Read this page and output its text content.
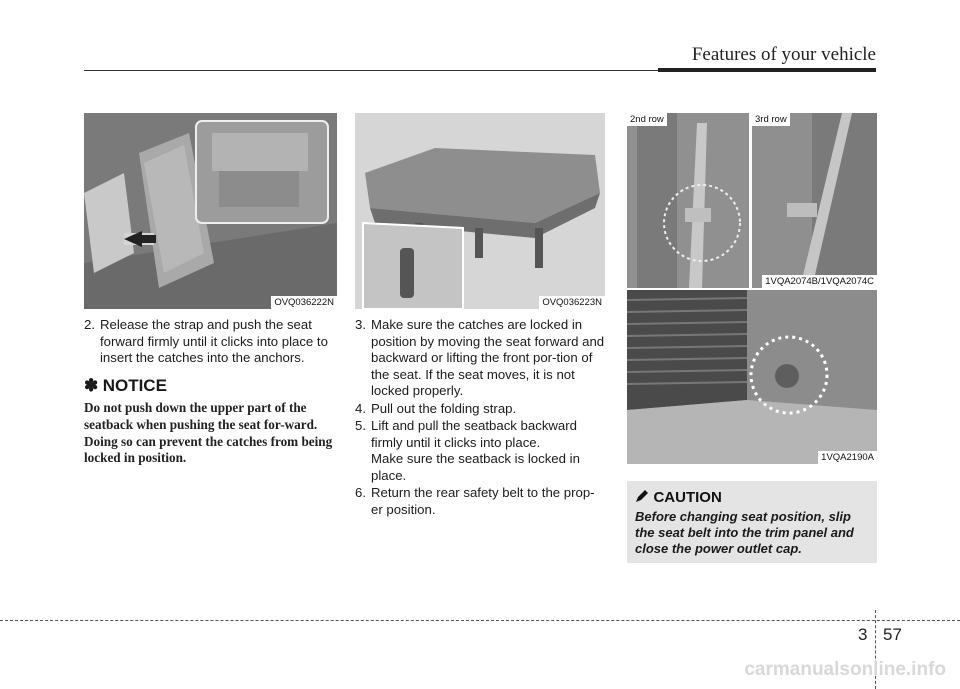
Features of your vehicle
OVQ036222N	OVQ036223N
2nd row	3rd row
1VQA2074B/1VQA2074C
1VQA2190A
2. Release the strap and push the seat
forward firmly until it clicks into place to insert the catches into the anchors.
✽ NOTICE
Do not push down the upper part of the seatback when pushing the seat for-ward. Doing so can prevent the catches from being locked in position.
3. Make sure the catches are locked in
position by moving the seat forward and backward or lifting the front por-tion of the seat. If the seat moves, it is not locked properly.
4. Pull out the folding strap.
5. Lift and pull the seatback backward
firmly until it clicks into place.
Make sure the seatback is locked in place.
6. Return the rear safety belt to the prop-
er position.
CAUTION
Before changing seat position, slip the seat belt into the trim panel and close the power outlet cap.
3 57
carmanualsonline.info
